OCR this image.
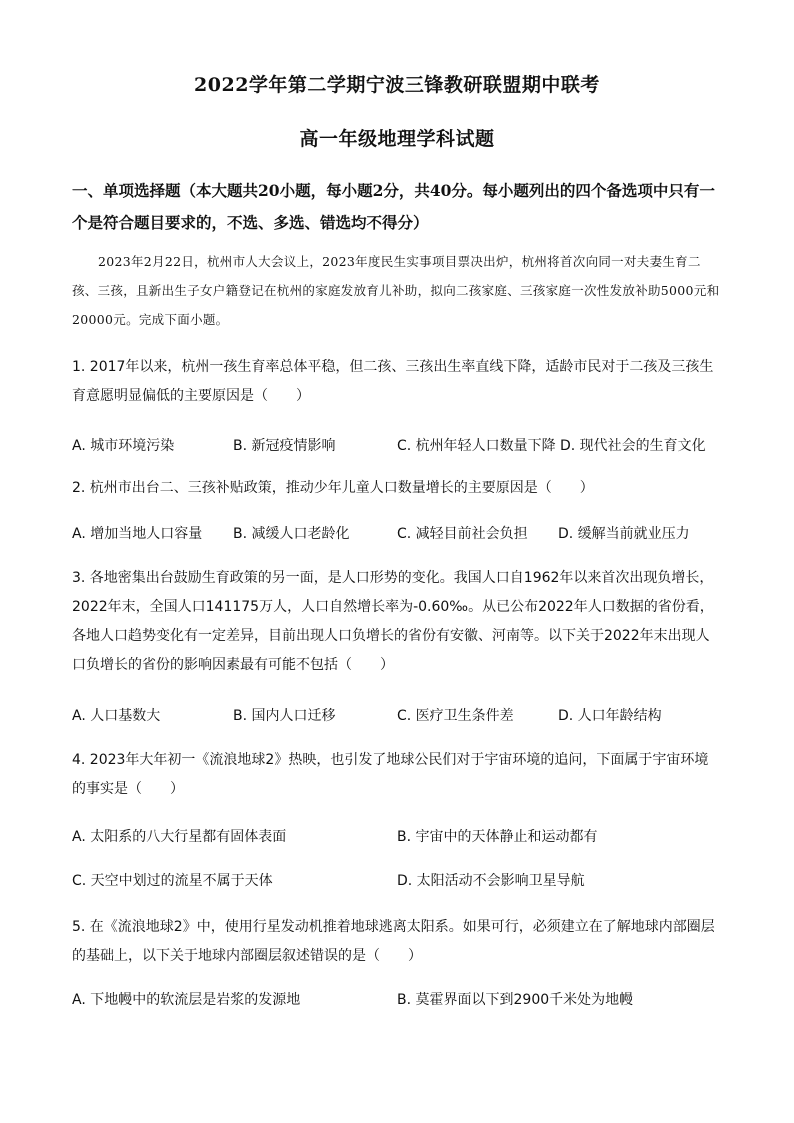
2022学年第二学期宁波三锋教研联盟期中联考
高一年级地理学科试题
一、单项选择题（本大题共20小题，每小题2分，共40分。每小题列出的四个备选项中只有一个是符合题目要求的，不选、多选、错选均不得分）
2023年2月22日，杭州市人大会议上，2023年度民生实事项目票决出炉，杭州将首次向同一对夫妻生育二孩、三孩，且新出生子女户籍登记在杭州的家庭发放育儿补助，拟向二孩家庭、三孩家庭一次性发放补助5000元和20000元。完成下面小题。
1. 2017年以来，杭州一孩生育率总体平稳，但二孩、三孩出生率直线下降，适龄市民对于二孩及三孩生育意愿明显偏低的主要原因是（　　）
A. 城市环境污染	B. 新冠疫情影响	C. 杭州年轻人口数量下降 D. 现代社会的生育文化
2. 杭州市出台二、三孩补贴政策，推动少年儿童人口数量增长的主要原因是（　　）
A. 增加当地人口容量 B. 减缓人口老龄化	C. 减轻目前社会负担 D. 缓解当前就业压力
3. 各地密集出台鼓励生育政策的另一面，是人口形势的变化。我国人口自1962年以来首次出现负增长，2022年末，全国人口141175万人，人口自然增长率为-0.60‰。从已公布2022年人口数据的省份看，各地人口趋势变化有一定差异，目前出现人口负增长的省份有安徽、河南等。以下关于2022年末出现人口负增长的省份的影响因素最有可能不包括（　　）
A. 人口基数大	B. 国内人口迁移	C. 医疗卫生条件差	D. 人口年龄结构
4. 2023年大年初一《流浪地球2》热映，也引发了地球公民们对于宇宙环境的追问，下面属于宇宙环境的事实是（　　）
A. 太阳系的八大行星都有固体表面	B. 宇宙中的天体静止和运动都有
C. 天空中划过的流星不属于天体	D. 太阳活动不会影响卫星导航
5. 在《流浪地球2》中，使用行星发动机推着地球逃离太阳系。如果可行，必须建立在了解地球内部圈层的基础上，以下关于地球内部圈层叙述错误的是（　　）
A. 下地幔中的软流层是岩浆的发源地	B. 莫霍界面以下到2900千米处为地幔
